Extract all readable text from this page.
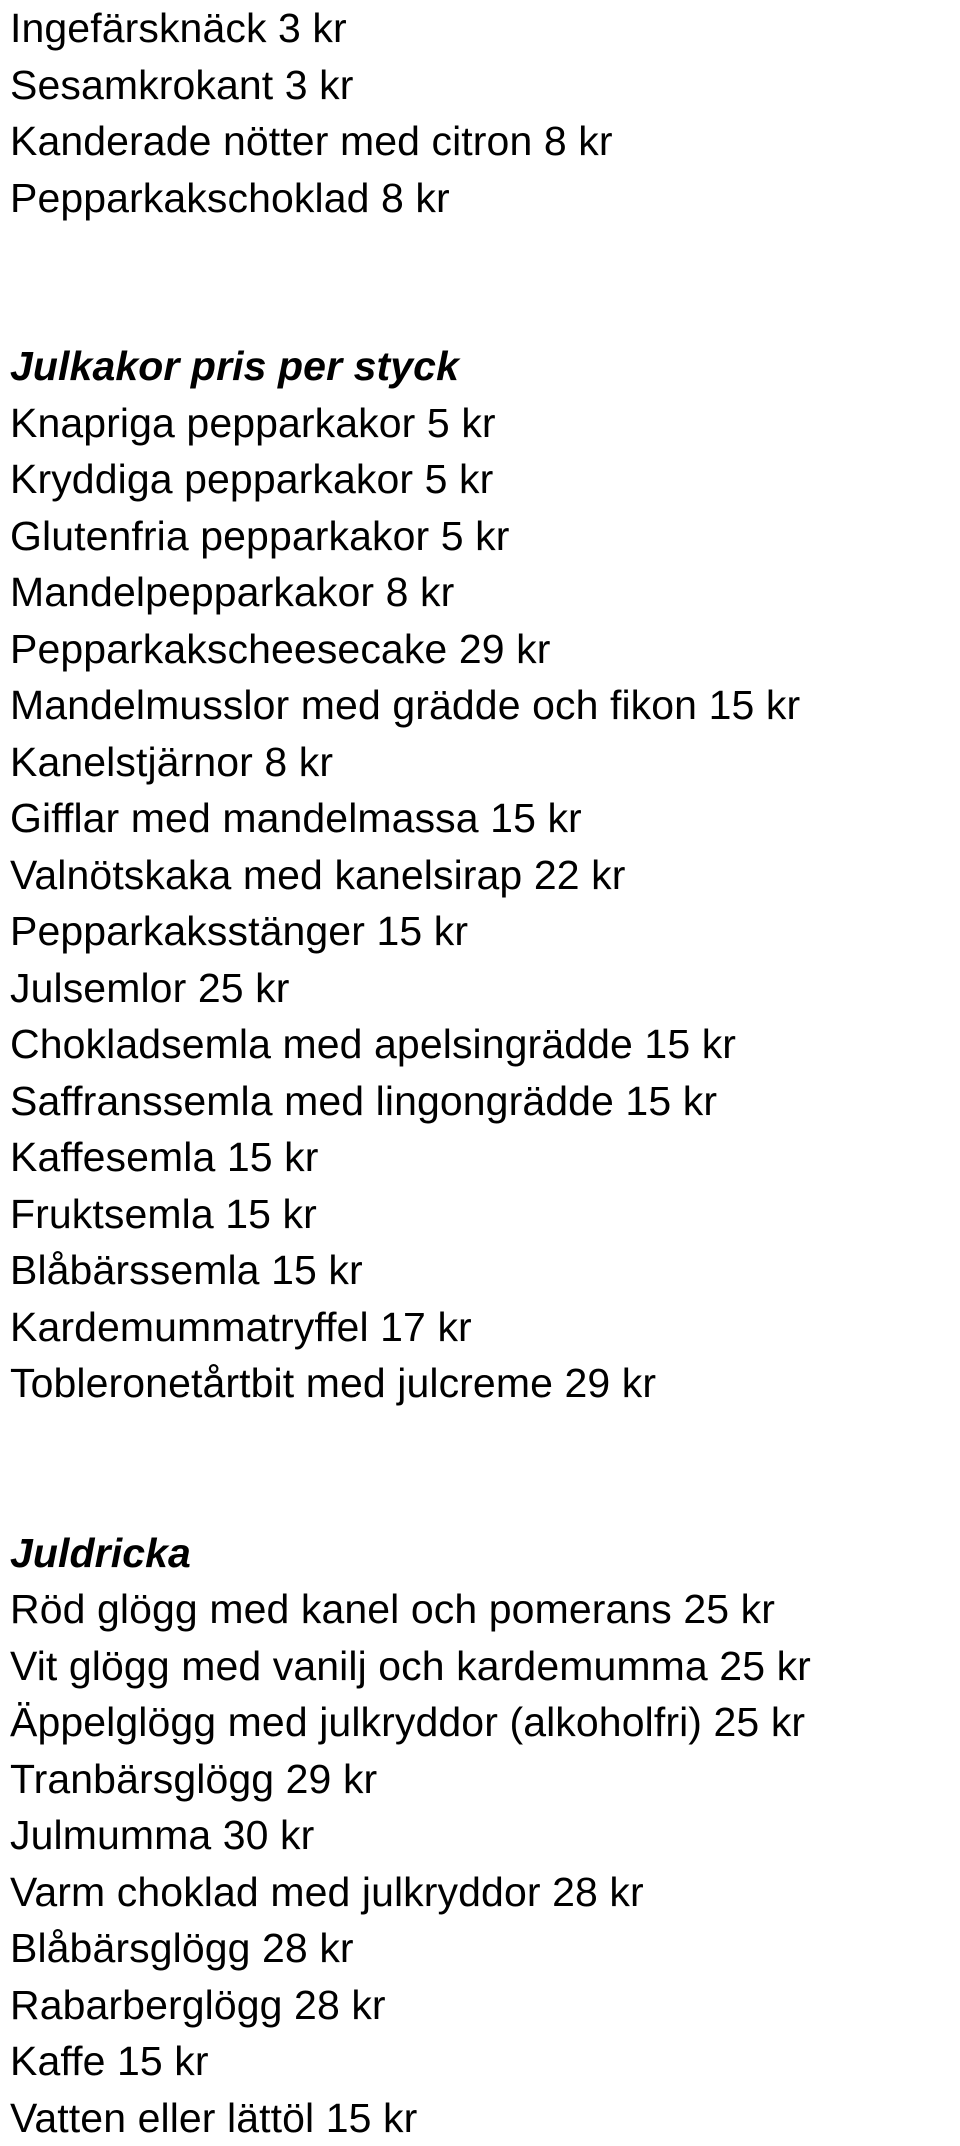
Ingefärsknäck 3 kr
Sesamkrokant 3 kr
Kanderade nötter med citron 8 kr
Pepparkakschoklad 8 kr
Julkakor pris per styck
Knapriga pepparkakor 5 kr
Kryddiga pepparkakor 5 kr
Glutenfria pepparkakor 5 kr
Mandelpepparkakor 8 kr
Pepparkakscheesecake 29 kr
Mandelmusslor med grädde och fikon 15 kr
Kanelstjärnor 8 kr
Gifflar med mandelmassa 15 kr
Valnötskaka med kanelsirap 22 kr
Pepparkaksstänger 15 kr
Julsemlor 25 kr
Chokladsemla med apelsingrädde 15 kr
Saffranssemla med lingongrädde 15 kr
Kaffesemla 15 kr
Fruktsemla 15 kr
Blåbärssemla 15 kr
Kardemummatryffel 17 kr
Tobleronetårtbit med julcreme 29 kr
Juldricka
Röd glögg med kanel och pomerans 25 kr
Vit glögg med vanilj och kardemumma 25 kr
Äppelglögg med julkryddor (alkoholfri) 25 kr
Tranbärsglögg 29 kr
Julmumma 30 kr
Varm choklad med julkryddor 28 kr
Blåbärsglögg 28 kr
Rabarberglögg 28 kr
Kaffe 15 kr
Vatten eller lättöl 15 kr
